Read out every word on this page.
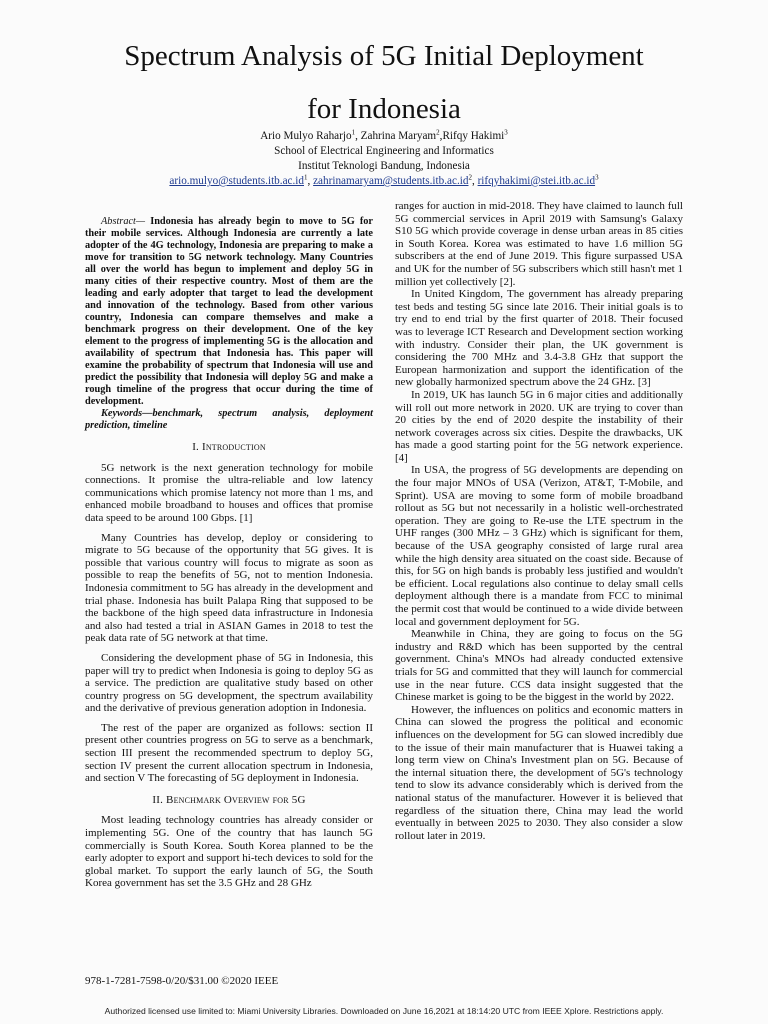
Spectrum Analysis of 5G Initial Deployment
for Indonesia
Ario Mulyo Raharjo$^1$, Zahrina Maryam$^2$,Rifqy Hakimi$^3$
School of Electrical Engineering and Informatics
Institut Teknologi Bandung, Indonesia
$ario.mulyo@students.itb.ac.id^1$, $zahrinamaryam@students.itb.ac.id^2$, $rifqyhakimi@stei.itb.ac.id^3$

Abstract— Indonesia has already begin to move to 5G for their mobile services. Although Indonesia are currently a late adopter of the 4G technology, Indonesia are preparing to make a move for transition to 5G network technology. Many Countries all over the world has begun to implement and deploy 5G in many cities of their respective country. Most of them are the leading and early adopter that target to lead the development and innovation of the technology. Based from other various country, Indonesia can compare themselves and make a benchmark progress on their development. One of the key element to the progress of implementing 5G is the allocation and availability of spectrum that Indonesia has. This paper will examine the probability of spectrum that Indonesia will use and predict the possibility that Indonesia will deploy 5G and make a rough timeline of the progress that occur during the time of development.

Keywords—benchmark, spectrum analysis, deployment prediction, timeline

I. Introduction

5G network is the next generation technology for mobile connections. It promise the ultra-reliable and low latency communications which promise latency not more than 1 ms, and enhanced mobile broadband to houses and offices that promise data speed to be around 100 Gbps. [1]

Many Countries has develop, deploy or considering to migrate to 5G because of the opportunity that 5G gives. It is possible that various country will focus to migrate as soon as possible to reap the benefits of 5G, not to mention Indonesia. Indonesia commitment to 5G has already in the development and trial phase. Indonesia has built Palapa Ring that supposed to be the backbone of the high speed data infrastructure in Indonesia and also had tested a trial in ASIAN Games in 2018 to test the peak data rate of 5G network at that time.

Considering the development phase of 5G in Indonesia, this paper will try to predict when Indonesia is going to deploy 5G as a service. The prediction are qualitative study based on other country progress on 5G development, the spectrum availability and the derivative of previous generation adoption in Indonesia.

The rest of the paper are organized as follows: section II present other countries progress on 5G to serve as a benchmark, section III present the recommended spectrum to deploy 5G, section IV present the current allocation spectrum in Indonesia, and section V The forecasting of 5G deployment in Indonesia.

II. Benchmark Overview for 5G

Most leading technology countries has already consider or implementing 5G. One of the country that has launch 5G commercially is South Korea. South Korea planned to be the early adopter to export and support hi-tech devices to sold for the global market. To support the early launch of 5G, the South Korea government has set the 3.5 GHz and 28 GHz

ranges for auction in mid-2018. They have claimed to launch full 5G commercial services in April 2019 with Samsung's Galaxy S10 5G which provide coverage in dense urban areas in 85 cities in South Korea. Korea was estimated to have 1.6 million 5G subscribers at the end of June 2019. This figure surpassed USA and UK for the number of 5G subscribers which still hasn't met 1 million yet collectively [2].

In United Kingdom, The government has already preparing test beds and testing 5G since late 2016. Their initial goals is to try end to end trial by the first quarter of 2018. Their focused was to leverage ICT Research and Development section working with industry. Consider their plan, the UK government is considering the 700 MHz and 3.4-3.8 GHz that support the European harmonization and support the identification of the new globally harmonized spectrum above the 24 GHz. [3]

In 2019, UK has launch 5G in 6 major cities and additionally will roll out more network in 2020. UK are trying to cover than 20 cities by the end of 2020 despite the instability of their network coverages across six cities. Despite the drawbacks, UK has made a good starting point for the 5G network experience. [4]

In USA, the progress of 5G developments are depending on the four major MNOs of USA (Verizon, AT&T, T-Mobile, and Sprint). USA are moving to some form of mobile broadband rollout as 5G but not necessarily in a holistic well-orchestrated operation. They are going to Re-use the LTE spectrum in the UHF ranges (300 MHz – 3 GHz) which is significant for them, because of the USA geography consisted of large rural area while the high density area situated on the coast side. Because of this, for 5G on high bands is probably less justified and wouldn't be efficient. Local regulations also continue to delay small cells deployment although there is a mandate from FCC to minimal the permit cost that would be continued to a wide divide between local and government deployment for 5G.

Meanwhile in China, they are going to focus on the 5G industry and R&D which has been supported by the central government. China's MNOs had already conducted extensive trials for 5G and committed that they will launch for commercial use in the near future. CCS data insight suggested that the Chinese market is going to be the biggest in the world by 2022.

However, the influences on politics and economic matters in China can slowed the progress the political and economic influences on the development for 5G can slowed incredibly due to the issue of their main manufacturer that is Huawei taking a long term view on China's Investment plan on 5G. Because of the internal situation there, the development of 5G's technology tend to slow its advance considerably which is derived from the national status of the manufacturer. However it is believed that regardless of the situation there, China may lead the world eventually in between 2025 to 2030. They also consider a slow rollout later in 2019.

978-1-7281-7598-0/20/$31.00 ©2020 IEEE
Authorized licensed use limited to: Miami University Libraries. Downloaded on June 16,2021 at 18:14:20 UTC from IEEE Xplore. Restrictions apply.
